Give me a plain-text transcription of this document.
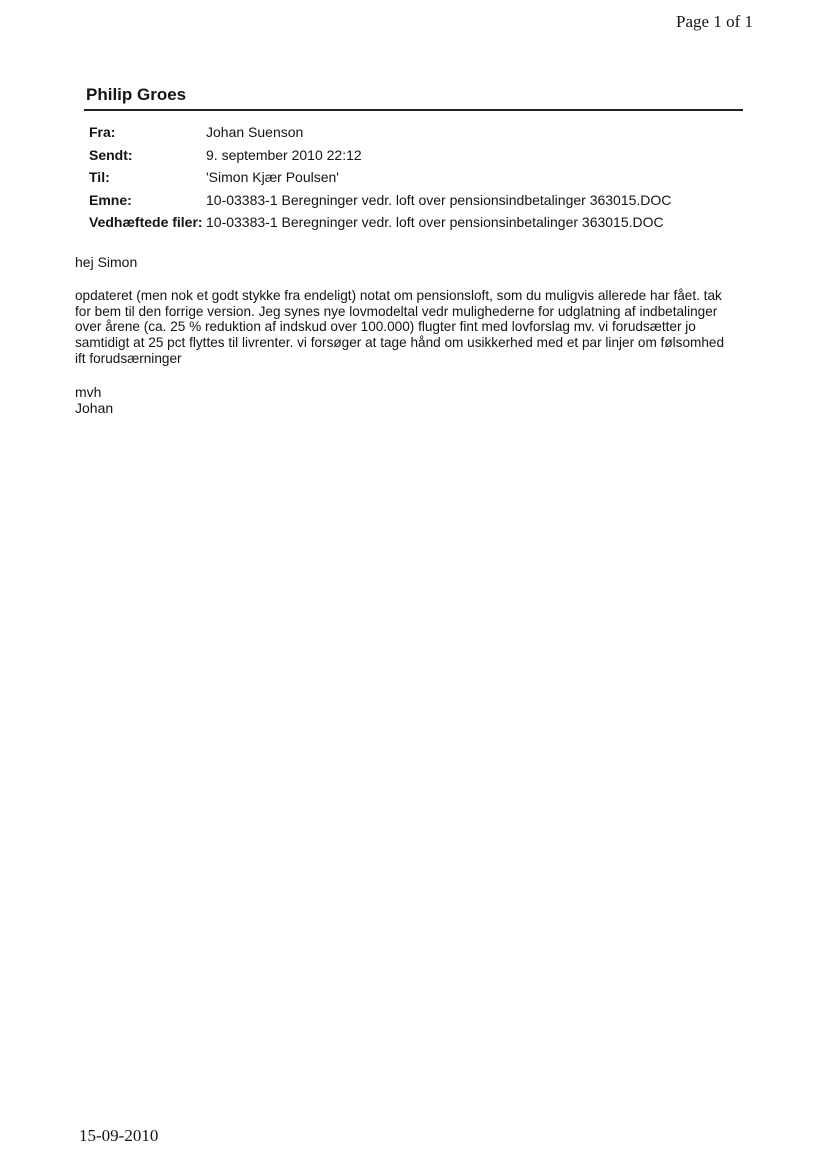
Page 1 of 1
Philip Groes
Fra:	Johan Suenson
Sendt:	9. september 2010 22:12
Til:	'Simon Kjær Poulsen'
Emne:	10-03383-1 Beregninger vedr. loft over pensionsindbetalinger 363015.DOC
Vedhæftede filer:	10-03383-1 Beregninger vedr. loft over pensionsinbetalinger 363015.DOC
hej Simon

opdateret (men nok et godt stykke fra endeligt) notat om pensionsloft, som du muligvis allerede har fået. tak
for bem til den forrige version. Jeg synes nye lovmodeltal vedr mulighederne for udglatning af indbetalinger
over årene (ca. 25 % reduktion af indskud over 100.000) flugter fint med lovforslag mv. vi forudsætter jo
samtidigt at 25 pct flyttes til livrenter. vi forsøger at tage hånd om usikkerhed med et par linjer om følsomhed
ift forudsærninger

mvh
Johan
15-09-2010
